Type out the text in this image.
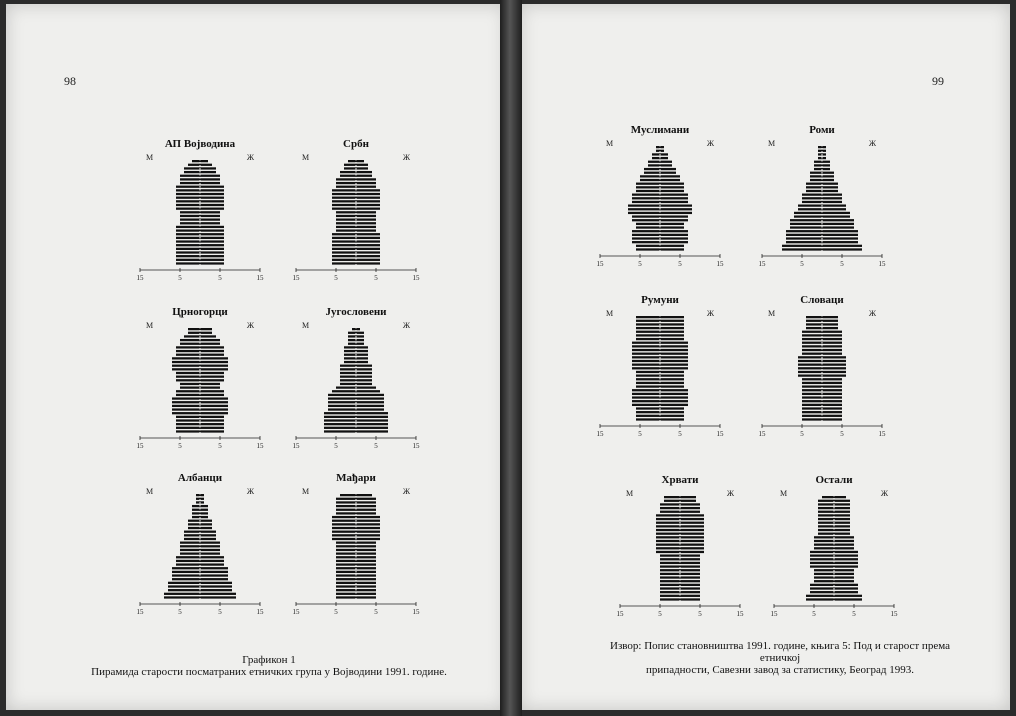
98
Графикон 1
Пирамида старости посматраних етничких група у Војводини 1991. године.
99
Извор: Попис становништва 1991. године, књига 5: Под и старост према етничкој
припадности, Савезни завод за статистику, Београд 1993.
АП Војводина
М	Ж
15	5	5	15
Србн
М	Ж
15	5	5	15
Црногорци
М	Ж
15	5	5	15
Југословени
М	Ж
15	5	5	15
Албанци
М	Ж
15	5	5	15
Мађари
М	Ж
15	5	5	15
Муслимани
М	Ж
15	5	5	15
Роми
М	Ж
15	5	5	15
Румуни
М	Ж
15	5	5	15
Словаци
М	Ж
15	5	5	15
Хрвати
М	Ж
15	5	5	15
Остали
М	Ж
15	5	5	15
